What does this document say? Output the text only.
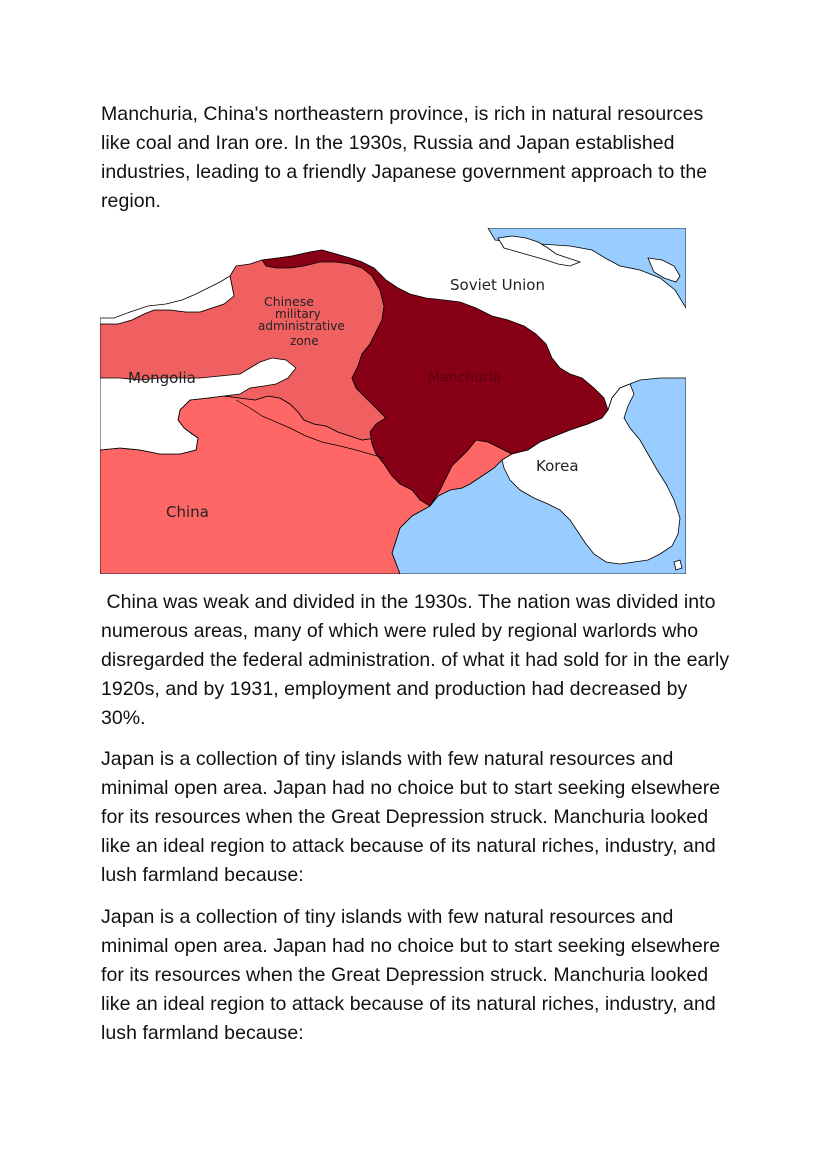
Manchuria, China's northeastern province, is rich in natural resources like coal and Iran ore. In the 1930s, Russia and Japan established industries, leading to a friendly Japanese government approach to the region.

Soviet Union
Chinese
military
administrative
zone
Mongolia	Manchuria
Korea
China

China was weak and divided in the 1930s. The nation was divided into numerous areas, many of which were ruled by regional warlords who disregarded the federal administration. of what it had sold for in the early 1920s, and by 1931, employment and production had decreased by 30%.

Japan is a collection of tiny islands with few natural resources and minimal open area. Japan had no choice but to start seeking elsewhere for its resources when the Great Depression struck. Manchuria looked like an ideal region to attack because of its natural riches, industry, and lush farmland because:

Japan is a collection of tiny islands with few natural resources and minimal open area. Japan had no choice but to start seeking elsewhere for its resources when the Great Depression struck. Manchuria looked like an ideal region to attack because of its natural riches, industry, and lush farmland because:
